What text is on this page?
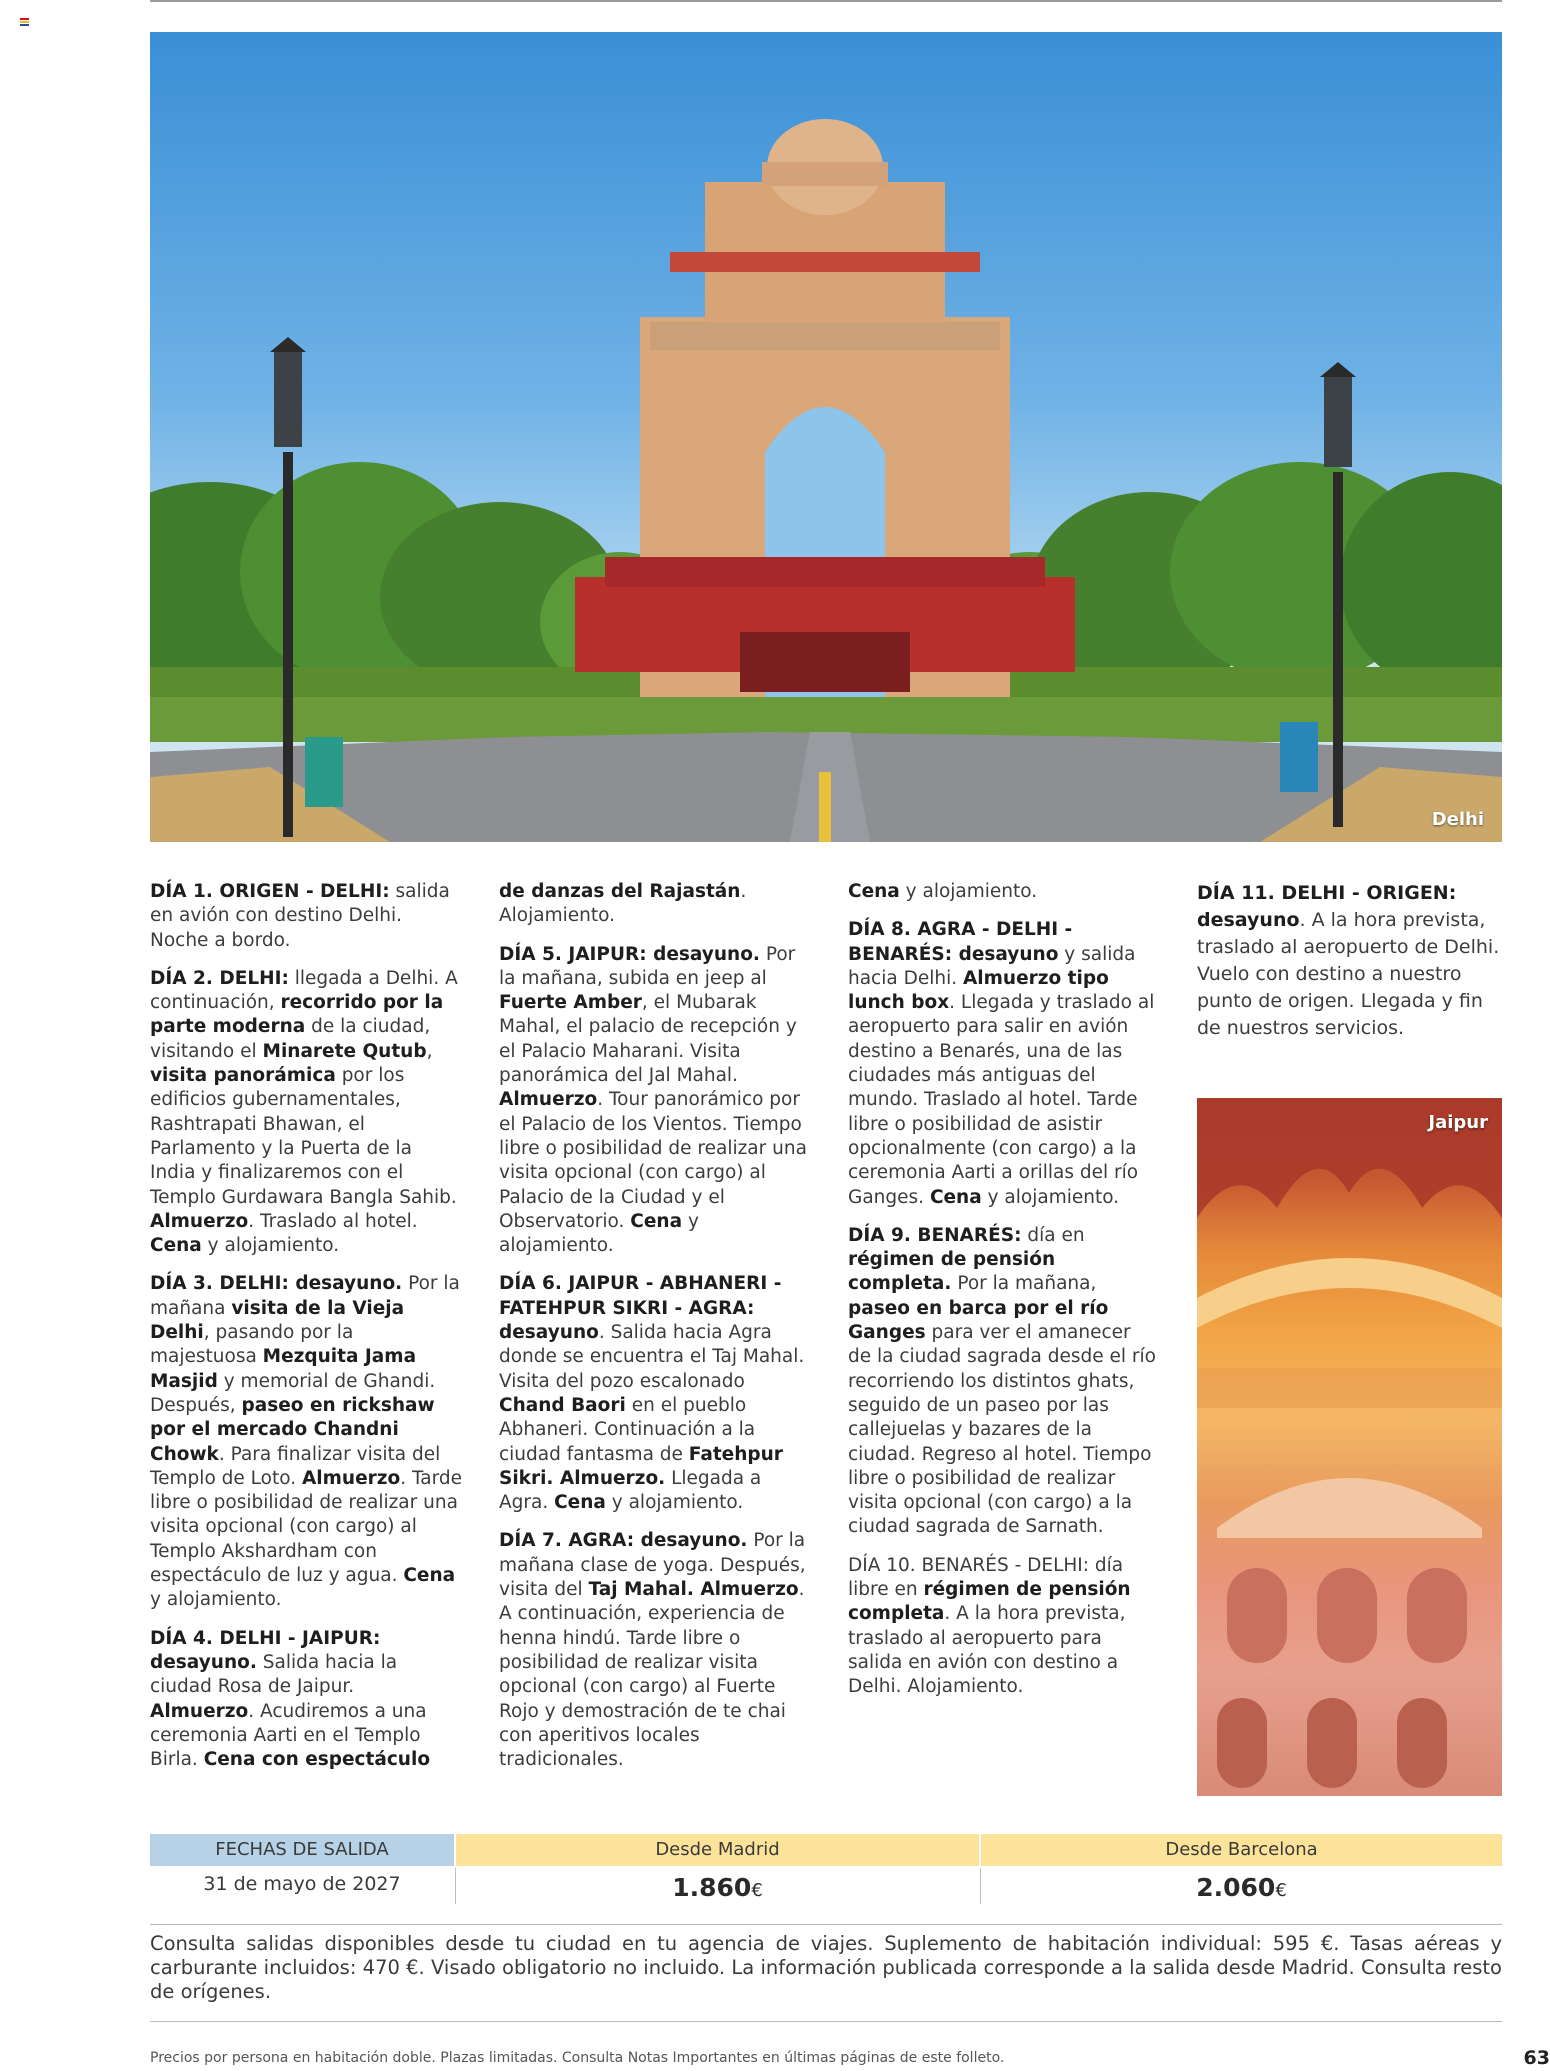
Delhi

DÍA 1. ORIGEN - DELHI: salida en avión con destino Delhi. Noche a bordo.

DÍA 2. DELHI: llegada a Delhi. A continuación, recorrido por la parte moderna de la ciudad, visitando el Minarete Qutub, visita panorámica por los edificios gubernamentales, Rashtrapati Bhawan, el Parlamento y la Puerta de la India y finalizaremos con el Templo Gurdawara Bangla Sahib. Almuerzo. Traslado al hotel. Cena y alojamiento.

DÍA 3. DELHI: desayuno. Por la mañana visita de la Vieja Delhi, pasando por la majestuosa Mezquita Jama Masjid y memorial de Ghandi. Después, paseo en rickshaw por el mercado Chandni Chowk. Para finalizar visita del Templo de Loto. Almuerzo. Tarde libre o posibilidad de realizar una visita opcional (con cargo) al Templo Akshardham con espectáculo de luz y agua. Cena y alojamiento.

DÍA 4. DELHI - JAIPUR: desayuno. Salida hacia la ciudad Rosa de Jaipur. Almuerzo. Acudiremos a una ceremonia Aarti en el Templo Birla. Cena con espectáculo

de danzas del Rajastán. Alojamiento.

DÍA 5. JAIPUR: desayuno. Por la mañana, subida en jeep al Fuerte Amber, el Mubarak Mahal, el palacio de recepción y el Palacio Maharani. Visita panorámica del Jal Mahal. Almuerzo. Tour panorámico por el Palacio de los Vientos. Tiempo libre o posibilidad de realizar una visita opcional (con cargo) al Palacio de la Ciudad y el Observatorio. Cena y alojamiento.

DÍA 6. JAIPUR - ABHANERI - FATEHPUR SIKRI - AGRA: desayuno. Salida hacia Agra donde se encuentra el Taj Mahal. Visita del pozo escalonado Chand Baori en el pueblo Abhaneri. Continuación a la ciudad fantasma de Fatehpur Sikri. Almuerzo. Llegada a Agra. Cena y alojamiento.

DÍA 7. AGRA: desayuno. Por la mañana clase de yoga. Después, visita del Taj Mahal. Almuerzo. A continuación, experiencia de henna hindú. Tarde libre o posibilidad de realizar visita opcional (con cargo) al Fuerte Rojo y demostración de te chai con aperitivos locales tradicionales.

Cena y alojamiento.

DÍA 8. AGRA - DELHI - BENARÉS: desayuno y salida hacia Delhi. Almuerzo tipo lunch box. Llegada y traslado al aeropuerto para salir en avión destino a Benarés, una de las ciudades más antiguas del mundo. Traslado al hotel. Tarde libre o posibilidad de asistir opcionalmente (con cargo) a la ceremonia Aarti a orillas del río Ganges. Cena y alojamiento.

DÍA 9. BENARÉS: día en régimen de pensión completa. Por la mañana, paseo en barca por el río Ganges para ver el amanecer de la ciudad sagrada desde el río recorriendo los distintos ghats, seguido de un paseo por las callejuelas y bazares de la ciudad. Regreso al hotel. Tiempo libre o posibilidad de realizar visita opcional (con cargo) a la ciudad sagrada de Sarnath.

DÍA 10. BENARÉS - DELHI: día libre en régimen de pensión completa. A la hora prevista, traslado al aeropuerto para salida en avión con destino a Delhi. Alojamiento.

DÍA 11. DELHI - ORIGEN: desayuno. A la hora prevista, traslado al aeropuerto de Delhi. Vuelo con destino a nuestro punto de origen. Llegada y fin de nuestros servicios.

Jaipur
FECHAS DE SALIDA	Desde Madrid	Desde Barcelona
31 de mayo de 2027	1.860€	2.060€
Consulta salidas disponibles desde tu ciudad en tu agencia de viajes. Suplemento de habitación individual: 595 €. Tasas aéreas y carburante incluidos: 470 €. Visado obligatorio no incluido. La información publicada corresponde a la salida desde Madrid. Consulta resto de orígenes.
Precios por persona en habitación doble. Plazas limitadas. Consulta Notas Importantes en últimas páginas de este folleto.	63
